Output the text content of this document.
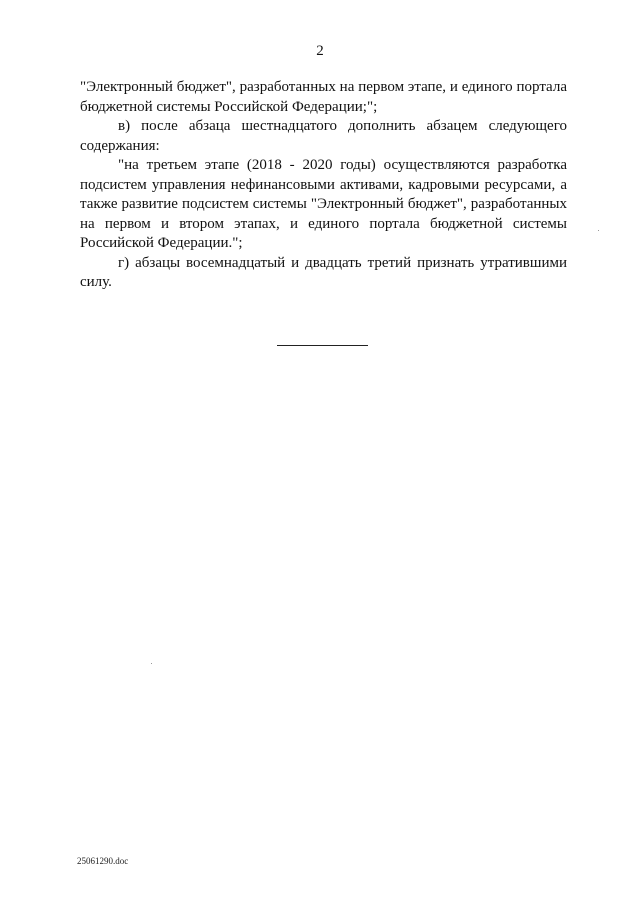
2

"Электронный бюджет", разработанных на первом этапе, и единого портала бюджетной системы Российской Федерации;";

в) после абзаца шестнадцатого дополнить абзацем следующего содержания:

"на третьем этапе (2018 - 2020 годы) осуществляются разработка подсистем управления нефинансовыми активами, кадровыми ресурсами, а также развитие подсистем системы "Электронный бюджет", разработанных на первом и втором этапах, и единого портала бюджетной системы Российской Федерации.";

г) абзацы восемнадцатый и двадцать третий признать утратившими силу.

25061290.doc
